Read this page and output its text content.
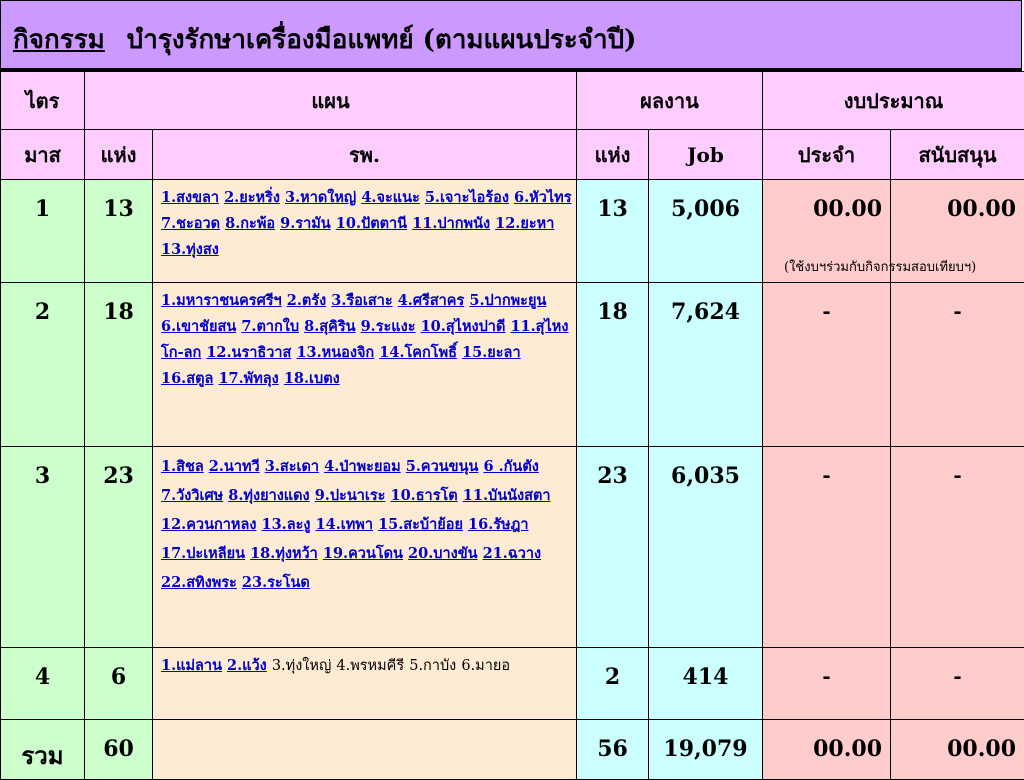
กิจกรรม บำรุงรักษาเครื่องมือแพทย์ (ตามแผนประจำปี)
ไตร	แผน		ผลงาน		งบประมาณ	
มาส	แห่ง	รพ.	แห่ง	Job	ประจำ	สนับสนุน
1	13	1.สงขลา 2.ยะหริ่ง 3.หาดใหญ่ 4.จะแนะ 5.เจาะไอร้อง 6.หัวไทร 7.ชะอวด 8.กะพ้อ 9.รามัน 10.ปัตตานี 11.ปากพนัง 12.ยะหา 13.ทุ่งสง	13	5,006	00.00	00.00
2	18	1.มหาราชนครศรีฯ 2.ตรัง 3.รือเสาะ 4.ศรีสาคร 5.ปากพะยูน 6.เขาชัยสน 7.ตากใบ 8.สุคิริน 9.ระแงะ 10.สุไหงปาดี 11.สุไหงโก-ลก 12.นราธิวาส 13.หนองจิก 14.โคกโพธิ์ 15.ยะลา 16.สตูล 17.พัทลุง 18.เบตง	18	7,624	-	-
3	23	1.สิชล 2.นาทวี 3.สะเดา 4.ป่าพะยอม 5.ควนขนุน 6 .กันตัง 7.วังวิเศษ 8.ทุ่งยางแดง 9.ปะนาเระ 10.ธารโต 11.บันนังสตา 12.ควนกาหลง 13.ละงู 14.เทพา 15.สะบ้าย้อย 16.รัษฎา 17.ปะเหลียน 18.ทุ่งหว้า 19.ควนโดน 20.บางขัน 21.ฉวาง 22.สทิงพระ 23.ระโนด	23	6,035	-	-
4	6	1.แม่ลาน 2.แว้ง 3.ทุ่งใหญ่ 4.พรหมคีรี 5.กาบัง 6.มายอ	2	414	-	-
รวม	60		56	19,079	00.00	00.00
(ใช้งบฯร่วมกับกิจกรรมสอบเทียบฯ)
